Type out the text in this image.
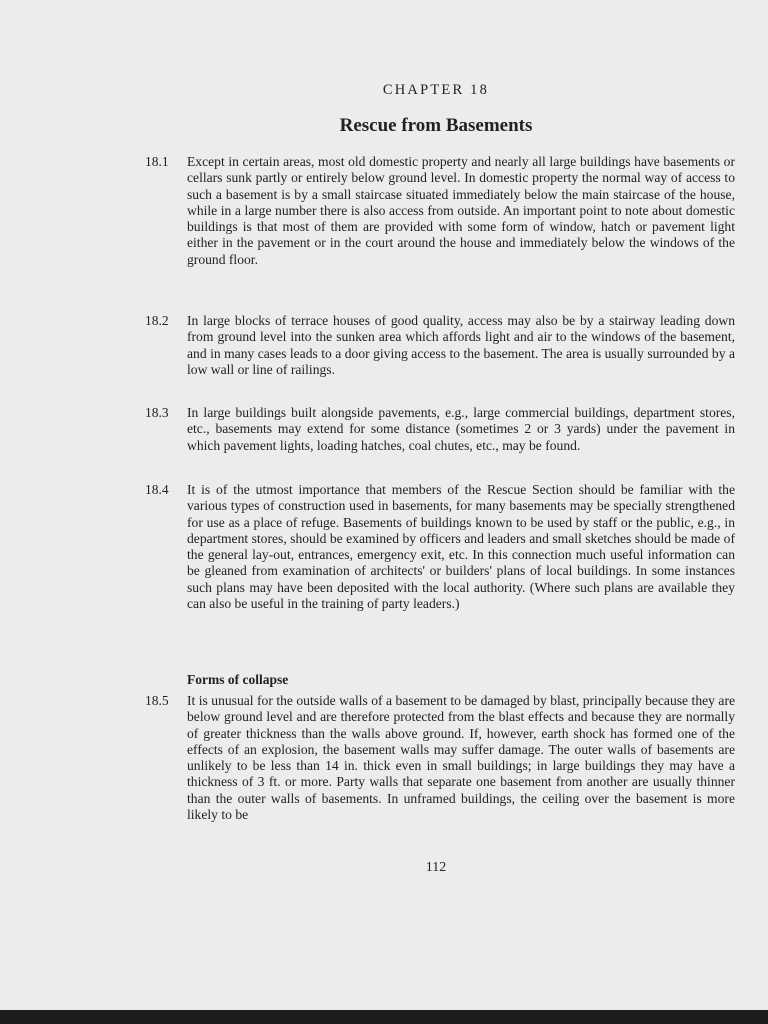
CHAPTER 18
Rescue from Basements
18.1	Except in certain areas, most old domestic property and nearly all large buildings have basements or cellars sunk partly or entirely below ground level. In domestic property the normal way of access to such a basement is by a small staircase situated immediately below the main staircase of the house, while in a large number there is also access from outside. An important point to note about domestic buildings is that most of them are provided with some form of window, hatch or pavement light either in the pavement or in the court around the house and immediately below the windows of the ground floor.
18.2	In large blocks of terrace houses of good quality, access may also be by a stairway leading down from ground level into the sunken area which affords light and air to the windows of the basement, and in many cases leads to a door giving access to the basement. The area is usually surrounded by a low wall or line of railings.
18.3	In large buildings built alongside pavements, e.g., large commercial buildings, department stores, etc., basements may extend for some distance (sometimes 2 or 3 yards) under the pavement in which pavement lights, loading hatches, coal chutes, etc., may be found.
18.4	It is of the utmost importance that members of the Rescue Section should be familiar with the various types of construction used in basements, for many basements may be specially strengthened for use as a place of refuge. Basements of buildings known to be used by staff or the public, e.g., in department stores, should be examined by officers and leaders and small sketches should be made of the general lay-out, entrances, emergency exit, etc. In this connection much useful information can be gleaned from examination of architects' or builders' plans of local buildings. In some instances such plans may have been deposited with the local authority. (Where such plans are available they can also be useful in the training of party leaders.)
Forms of collapse
18.5	It is unusual for the outside walls of a basement to be damaged by blast, principally because they are below ground level and are therefore protected from the blast effects and because they are normally of greater thickness than the walls above ground. If, however, earth shock has formed one of the effects of an explosion, the basement walls may suffer damage. The outer walls of basements are unlikely to be less than 14 in. thick even in small buildings; in large buildings they may have a thickness of 3 ft. or more. Party walls that separate one basement from another are usually thinner than the outer walls of basements. In unframed buildings, the ceiling over the basement is more likely to be
112
